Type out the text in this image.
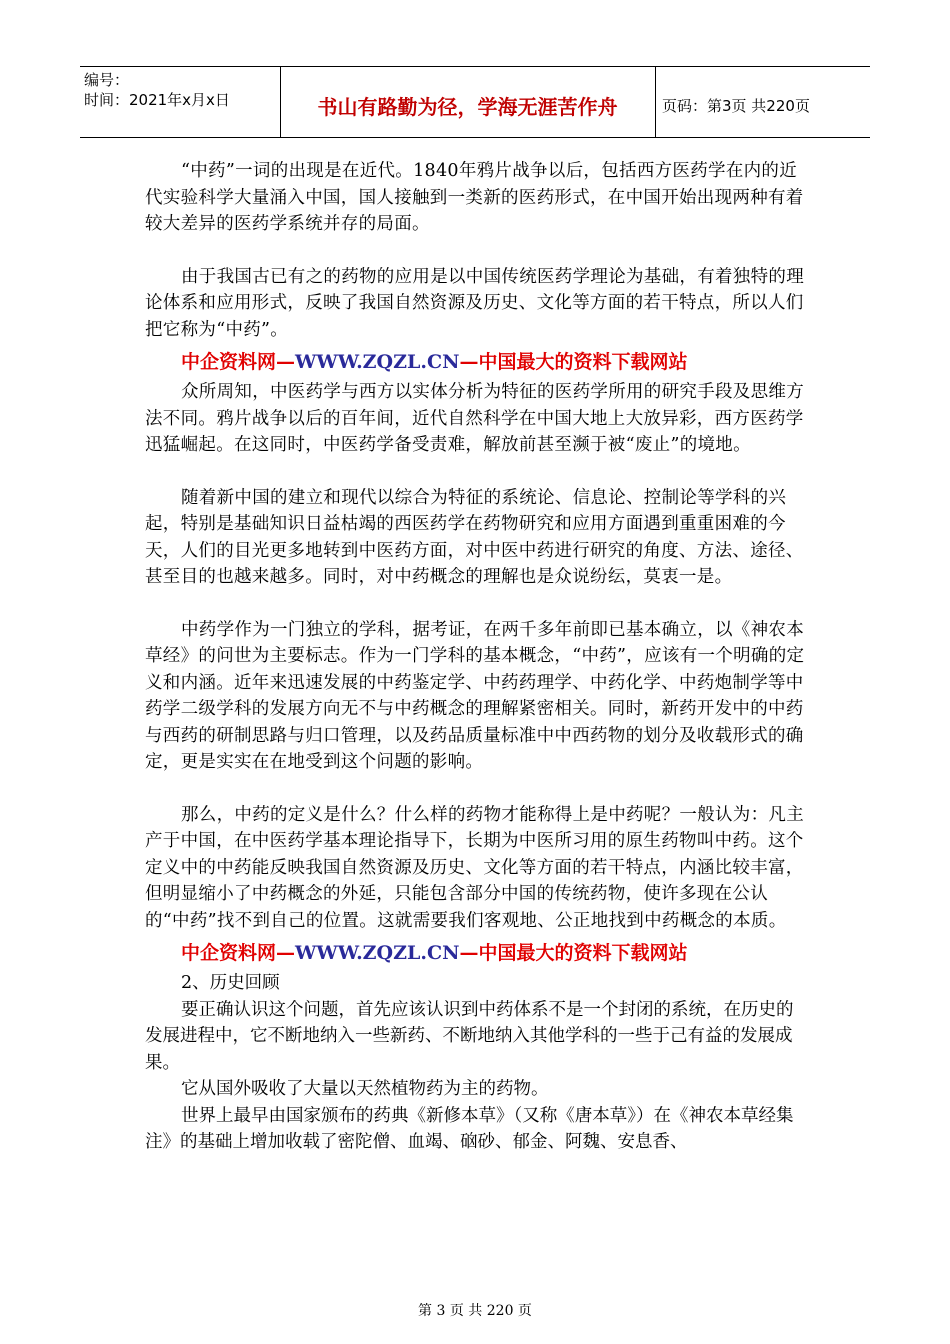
编号：
时间：2021年x月x日	书山有路勤为径，学海无涯苦作舟	页码：第3页 共220页

“中药”一词的出现是在近代。1840年鸦片战争以后，包括西方医药学在内的近代实验科学大量涌入中国，国人接触到一类新的医药形式，在中国开始出现两种有着较大差异的医药学系统并存的局面。

由于我国古已有之的药物的应用是以中国传统医药学理论为基础，有着独特的理论体系和应用形式，反映了我国自然资源及历史、文化等方面的若干特点，所以人们把它称为“中药”。

中企资料网—WWW.ZQZL.CN—中国最大的资料下载网站

众所周知，中医药学与西方以实体分析为特征的医药学所用的研究手段及思维方法不同。鸦片战争以后的百年间，近代自然科学在中国大地上大放异彩，西方医药学迅猛崛起。在这同时，中医药学备受责难，解放前甚至濒于被“废止”的境地。

随着新中国的建立和现代以综合为特征的系统论、信息论、控制论等学科的兴起，特别是基础知识日益枯竭的西医药学在药物研究和应用方面遇到重重困难的今天，人们的目光更多地转到中医药方面，对中医中药进行研究的角度、方法、途径、甚至目的也越来越多。同时，对中药概念的理解也是众说纷纭，莫衷一是。

中药学作为一门独立的学科，据考证，在两千多年前即已基本确立，以《神农本草经》的问世为主要标志。作为一门学科的基本概念，“中药”，应该有一个明确的定义和内涵。近年来迅速发展的中药鉴定学、中药药理学、中药化学、中药炮制学等中药学二级学科的发展方向无不与中药概念的理解紧密相关。同时，新药开发中的中药与西药的研制思路与归口管理，以及药品质量标准中中西药物的划分及收载形式的确定，更是实实在在地受到这个问题的影响。

那么，中药的定义是什么？什么样的药物才能称得上是中药呢？一般认为：凡主产于中国，在中医药学基本理论指导下，长期为中医所习用的原生药物叫中药。这个定义中的中药能反映我国自然资源及历史、文化等方面的若干特点，内涵比较丰富，但明显缩小了中药概念的外延，只能包含部分中国的传统药物，使许多现在公认的“中药”找不到自己的位置。这就需要我们客观地、公正地找到中药概念的本质。

中企资料网—WWW.ZQZL.CN—中国最大的资料下载网站

2、历史回顾

要正确认识这个问题，首先应该认识到中药体系不是一个封闭的系统，在历史的发展进程中，它不断地纳入一些新药、不断地纳入其他学科的一些于己有益的发展成果。

它从国外吸收了大量以天然植物药为主的药物。

世界上最早由国家颁布的药典《新修本草》（又称《唐本草》）在《神农本草经集注》的基础上增加收载了密陀僧、血竭、硇砂、郁金、阿魏、安息香、

第 3 页 共 220 页
